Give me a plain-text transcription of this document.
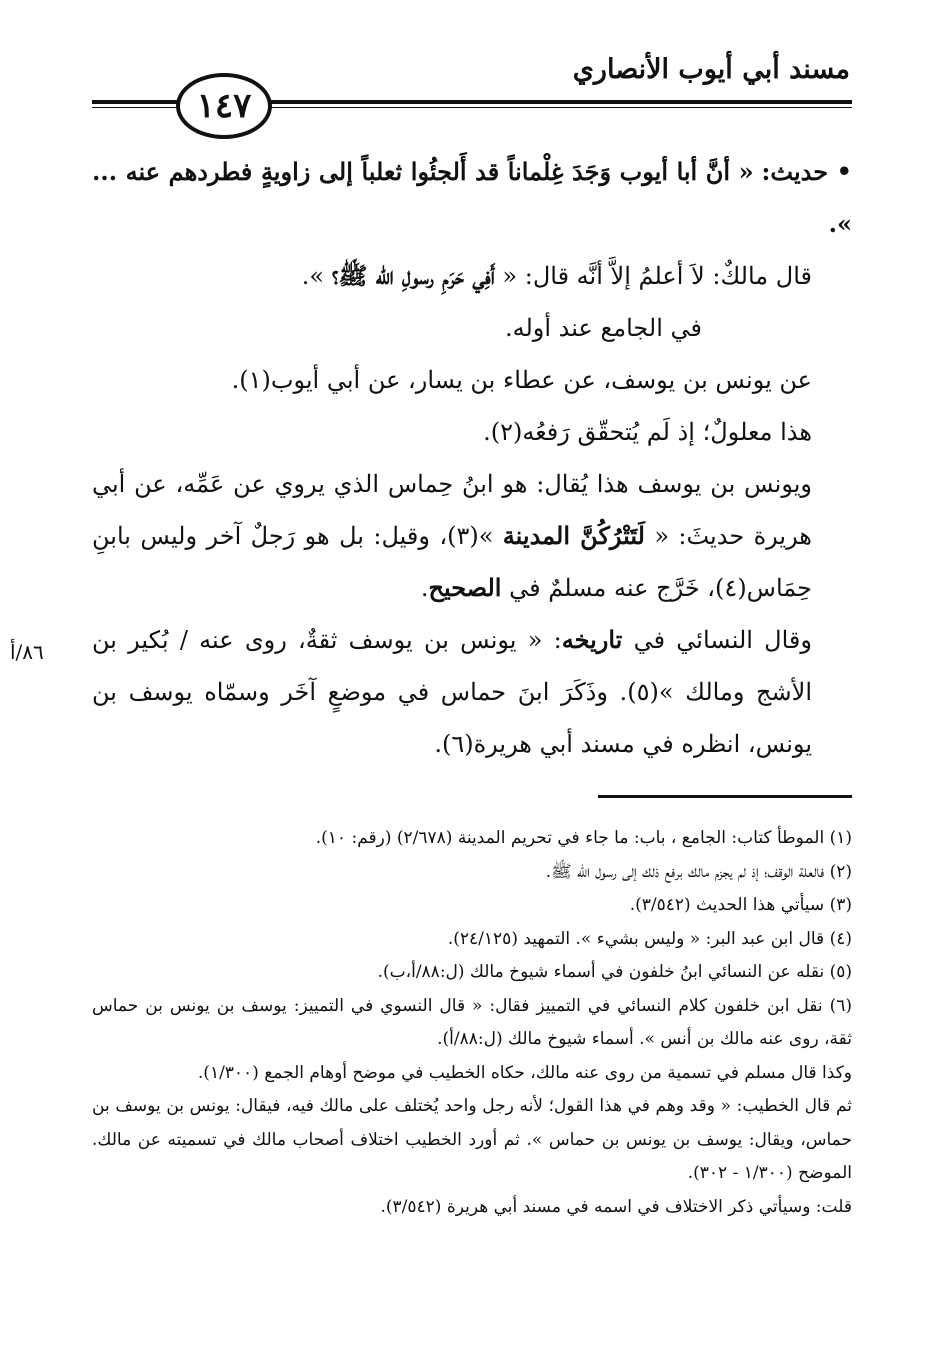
مسند أبي أيوب الأنصاري
١٤٧

• حديث: « أنَّ أبا أيوب وَجَدَ غِلْماناً قد أَلجئُوا ثعلباً إلى زاويةٍ فطردهم عنه ... ».

قال مالكٌ: لاَ أعلمُ إلاَّ أنَّه قال: « أَفِي حَرَمِ رسولِ الله ﷺ؟ ».

في الجامع عند أوله.

عن يونس بن يوسف، عن عطاء بن يسار، عن أبي أيوب(١).

هذا معلولٌ؛ إذ لَم يُتحقّق رَفعُه(٢).

ويونس بن يوسف هذا يُقال: هو ابنُ حِماس الذي يروي عن عَمِّه، عن أبي هريرة حديثَ: « لَتَتْرُكُنَّ المدينة »(٣)، وقيل: بل هو رَجلٌ آخر وليس بابنِ حِمَاس(٤)، خَرَّج عنه مسلمٌ في الصحيح.

وقال النسائي في تاريخه: « يونس بن يوسف ثقةٌ، روى عنه / بُكير بن الأشج ومالك »(٥). وذَكَرَ ابنَ حماس في موضعٍ آخَر وسمّاه يوسف بن يونس، انظره في مسند أبي هريرة(٦).

٨٦/أ

(١) الموطأ كتاب: الجامع ، باب: ما جاء في تحريم المدينة (٢/٦٧٨) (رقم: ١٠).

(٢) فالعلة الوقف؛ إذ لم يجزم مالك برفع ذلك إلى رسول الله ﷺ.

(٣) سيأتي هذا الحديث (٣/٥٤٢).

(٤) قال ابن عبد البر: « وليس بشيء ». التمهيد (٢٤/١٢٥).

(٥) نقله عن النسائي ابنُ خلفون في أسماء شيوخ مالك (ل:٨٨/أ،ب).

(٦) نقل ابن خلفون كلام النسائي في التمييز فقال: « قال النسوي في التمييز: يوسف بن يونس بن حماس ثقة، روى عنه مالك بن أنس ». أسماء شيوخ مالك (ل:٨٨/أ).

وكذا قال مسلم في تسمية من روى عنه مالك، حكاه الخطيب في موضح أوهام الجمع (١/٣٠٠).

ثم قال الخطيب: « وقد وهم في هذا القول؛ لأنه رجل واحد يُختلف على مالك فيه، فيقال: يونس بن يوسف بن حماس، ويقال: يوسف بن يونس بن حماس ». ثم أورد الخطيب اختلاف أصحاب مالك في تسميته عن مالك. الموضح (١/٣٠٠ - ٣٠٢).

قلت: وسيأتي ذكر الاختلاف في اسمه في مسند أبي هريرة (٣/٥٤٢).
